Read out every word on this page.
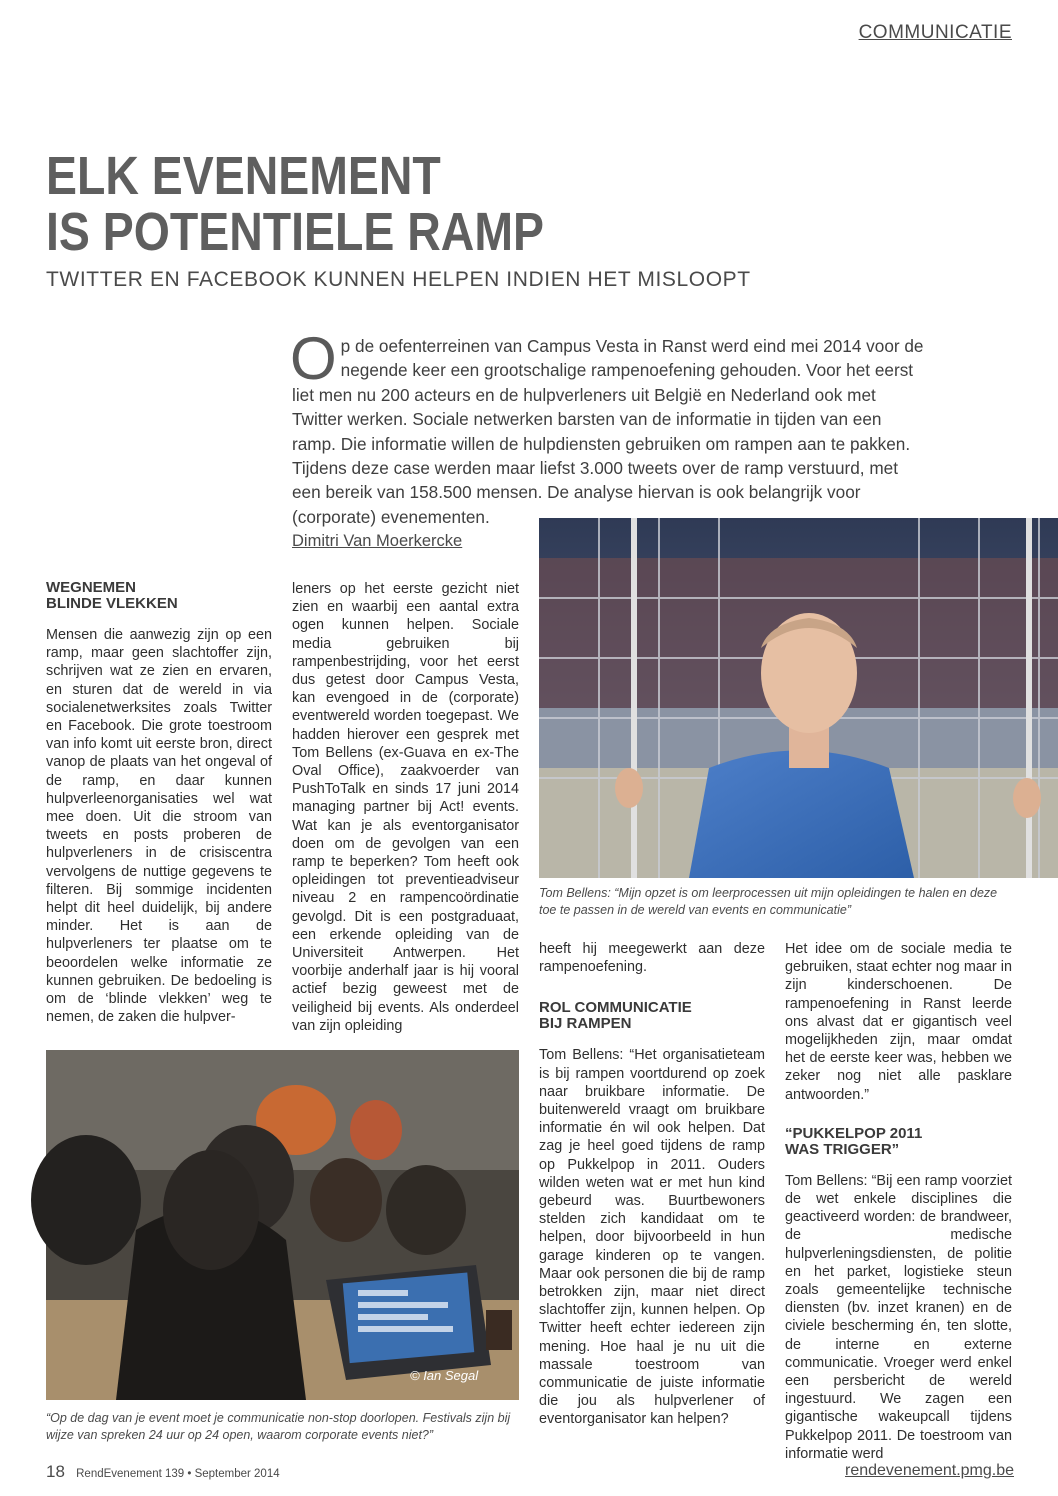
COMMUNICATIE
ELK EVENEMENT
IS POTENTIELE RAMP
TWITTER EN FACEBOOK KUNNEN HELPEN INDIEN HET MISLOOPT
Op de oefenterreinen van Campus Vesta in Ranst werd eind mei 2014 voor de negende keer een grootschalige rampenoefening gehouden. Voor het eerst liet men nu 200 acteurs en de hulpverleners uit België en Nederland ook met Twitter werken. Sociale netwerken barsten van de informatie in tijden van een ramp. Die informatie willen de hulpdiensten gebruiken om rampen aan te pakken. Tijdens deze case werden maar liefst 3.000 tweets over de ramp verstuurd, met een bereik van 158.500 mensen. De analyse hiervan is ook belangrijk voor (corporate) evenementen.
Dimitri Van Moerkercke
WEGNEMEN
BLINDE VLEKKEN

Mensen die aanwezig zijn op een ramp, maar geen slachtoffer zijn, schrijven wat ze zien en ervaren, en sturen dat de wereld in via socialenetwerksites zoals Twitter en Facebook. Die grote toestroom van info komt uit eerste bron, direct vanop de plaats van het ongeval of de ramp, en daar kunnen hulpverleenorganisaties wel wat mee doen. Uit die stroom van tweets en posts proberen de hulpverleners in de crisiscentra vervolgens de nuttige gegevens te filteren. Bij sommige incidenten helpt dit heel duidelijk, bij andere minder. Het is aan de hulpverleners ter plaatse om te beoordelen welke informatie ze kunnen gebruiken. De bedoeling is om de ‘blinde vlekken’ weg te nemen, de zaken die hulpver-

leners op het eerste gezicht niet zien en waarbij een aantal extra ogen kunnen helpen. Sociale media gebruiken bij rampenbestrijding, voor het eerst dus getest door Campus Vesta, kan evengoed in de (corporate) eventwereld worden toegepast. We hadden hierover een gesprek met Tom Bellens (ex-Guava en ex-The Oval Office), zaakvoerder van PushToTalk en sinds 17 juni 2014 managing partner bij Act! events. Wat kan je als eventorganisator doen om de gevolgen van een ramp te beperken? Tom heeft ook opleidingen tot preventieadviseur niveau 2 en rampencoördinatie gevolgd. Dit is een postgraduaat, een erkende opleiding van de Universiteit Antwerpen. Het voorbije anderhalf jaar is hij vooral actief bezig geweest met de veiligheid bij events. Als onderdeel van zijn opleiding

Tom Bellens: “Mijn opzet is om leerprocessen uit mijn opleidingen te halen en deze toe te passen in de wereld van events en communicatie”

heeft hij meegewerkt aan deze rampenoefening.

ROL COMMUNICATIE
BIJ RAMPEN

Tom Bellens: “Het organisatieteam is bij rampen voortdurend op zoek naar bruikbare informatie. De buitenwereld vraagt om bruikbare informatie én wil ook helpen. Dat zag je heel goed tijdens de ramp op Pukkelpop in 2011. Ouders wilden weten wat er met hun kind gebeurd was. Buurtbewoners stelden zich kandidaat om te helpen, door bijvoorbeeld in hun garage kinderen op te vangen. Maar ook personen die bij de ramp betrokken zijn, maar niet direct slachtoffer zijn, kunnen helpen. Op Twitter heeft echter iedereen zijn mening. Hoe haal je nu uit die massale toestroom van communicatie de juiste informatie die jou als hulpverlener of eventorganisator kan helpen?

Het idee om de sociale media te gebruiken, staat echter nog maar in zijn kinderschoenen. De rampenoefening in Ranst leerde ons alvast dat er gigantisch veel mogelijkheden zijn, maar omdat het de eerste keer was, hebben we zeker nog niet alle pasklare antwoorden.”

“PUKKELPOP 2011
WAS TRIGGER”

Tom Bellens: “Bij een ramp voorziet de wet enkele disciplines die geactiveerd worden: de brandweer, de medische hulpverleningsdiensten, de politie en het parket, logistieke steun zoals gemeentelijke technische diensten (bv. inzet kranen) en de civiele bescherming én, ten slotte, de interne en externe communicatie. Vroeger werd enkel een persbericht de wereld ingestuurd. We zagen een gigantische wakeupcall tijdens Pukkelpop 2011. De toestroom van informatie werd

© Ian Segal
“Op de dag van je event moet je communicatie non-stop doorlopen. Festivals zijn bij wijze van spreken 24 uur op 24 open, waarom corporate events niet?”
18 RendEvenement 139 • September 2014	rendevenement.pmg.be
